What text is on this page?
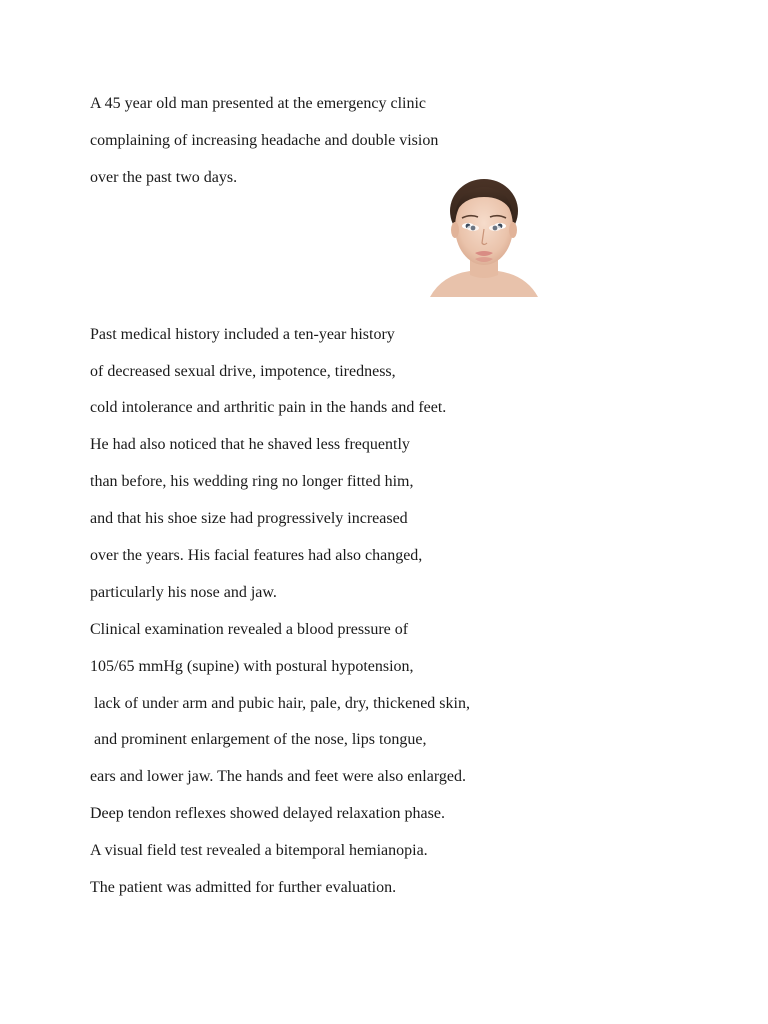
A 45 year old man presented at the emergency clinic

complaining of increasing headache and double vision

over the past two days.

Past medical history included a ten-year history

of decreased sexual drive, impotence, tiredness,

cold intolerance and arthritic pain in the hands and feet.

He had also noticed that he shaved less frequently

than before, his wedding ring no longer fitted him,

and that his shoe size had progressively increased

over the years. His facial features had also changed,

particularly his nose and jaw.

Clinical examination revealed a blood pressure of

105/65 mmHg (supine) with postural hypotension,

lack of under arm and pubic hair, pale, dry, thickened skin,

and prominent enlargement of the nose, lips tongue,

ears and lower jaw. The hands and feet were also enlarged.

Deep tendon reflexes showed delayed relaxation phase.

A visual field test revealed a bitemporal hemianopia.

The patient was admitted for further evaluation.
